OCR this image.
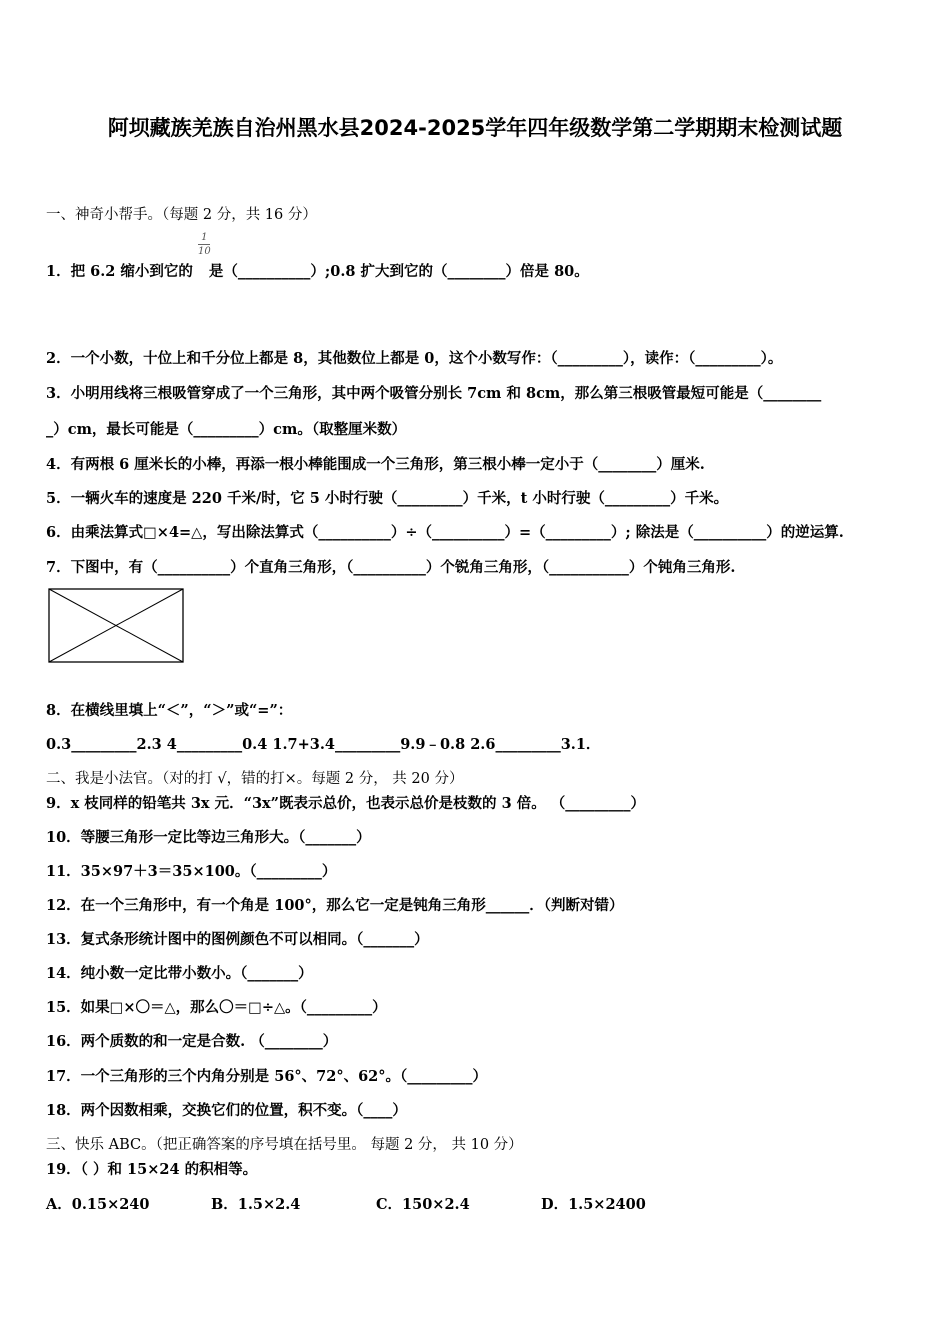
阿坝藏族羌族自治州黑水县2024-2025学年四年级数学第二学期期末检测试题
一、神奇小帮手。（每题 2 分，共 16 分）
1
10
1．把 6.2 缩小到它的 是（__________）;0.8 扩大到它的（________）倍是 80。
2．一个小数，十位上和千分位上都是 8，其他数位上都是 0，这个小数写作：（_________），读作：（_________）。
3．小明用线将三根吸管穿成了一个三角形，其中两个吸管分别长 7cm 和 8cm，那么第三根吸管最短可能是（________
_）cm，最长可能是（_________）cm。（取整厘米数）
4．有两根 6 厘米长的小棒，再添一根小棒能围成一个三角形，第三根小棒一定小于（________）厘米.
5．一辆火车的速度是 220 千米/时，它 5 小时行驶（_________）千米，t 小时行驶（_________）千米。
6．由乘法算式□×4=△，写出除法算式（__________）÷（__________）=（_________）; 除法是（__________）的逆运算.
7．下图中，有（__________）个直角三角形，（__________）个锐角三角形，（___________）个钝角三角形.
8．在横线里填上“＜”，“＞”或“=”：
0.3_________2.3 4_________0.4 1.7+3.4_________9.9﹣0.8 2.6_________3.1．
二、我是小法官。（对的打 √，错的打×。每题 2 分， 共 20 分）
9．x 枝同样的铅笔共 3x 元．“3x”既表示总价，也表示总价是枝数的 3 倍。 （_________）
10．等腰三角形一定比等边三角形大。（_______）
11．35×97＋3＝35×100。（_________）
12．在一个三角形中，有一个角是 100°，那么它一定是钝角三角形______．（判断对错）
13．复式条形统计图中的图例颜色不可以相同。（_______）
14．纯小数一定比带小数小。（_______）
15．如果□×〇＝△，那么〇＝□÷△。（_________）
16．两个质数的和一定是合数. （________）
17．一个三角形的三个内角分别是 56°、72°、62°。（_________）
18．两个因数相乘，交换它们的位置，积不变。（____）
三、快乐 ABC。（把正确答案的序号填在括号里。 每题 2 分， 共 10 分）
19．（ ）和 15×24 的积相等。
A．0.15×240	B．1.5×2.4	C．150×2.4	D．1.5×2400
